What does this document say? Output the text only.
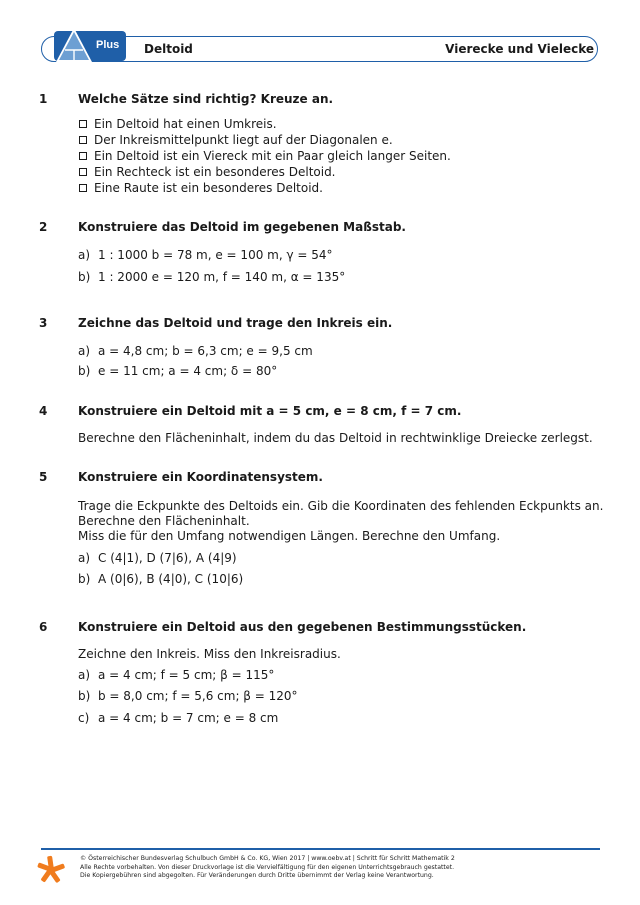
Plus Deltoid	Vierecke und Vielecke
1	Welche Sätze sind richtig? Kreuze an.
Ein Deltoid hat einen Umkreis.
Der Inkreismittelpunkt liegt auf der Diagonalen e.
Ein Deltoid ist ein Viereck mit ein Paar gleich langer Seiten.
Ein Rechteck ist ein besonderes Deltoid.
Eine Raute ist ein besonderes Deltoid.
2	Konstruiere das Deltoid im gegebenen Maßstab.
a) 1 : 1000 b = 78 m, e = 100 m, γ = 54°
b) 1 : 2000 e = 120 m, f = 140 m, α = 135°
3	Zeichne das Deltoid und trage den Inkreis ein.
a) a = 4,8 cm; b = 6,3 cm; e = 9,5 cm
b) e = 11 cm; a = 4 cm; δ = 80°
4	Konstruiere ein Deltoid mit a = 5 cm, e = 8 cm, f = 7 cm.
Berechne den Flächeninhalt, indem du das Deltoid in rechtwinklige Dreiecke zerlegst.
5	Konstruiere ein Koordinatensystem.
Trage die Eckpunkte des Deltoids ein. Gib die Koordinaten des fehlenden Eckpunkts an.
Berechne den Flächeninhalt.
Miss die für den Umfang notwendigen Längen. Berechne den Umfang.
a) C (4|1), D (7|6), A (4|9)
b) A (0|6), B (4|0), C (10|6)
6	Konstruiere ein Deltoid aus den gegebenen Bestimmungsstücken.
Zeichne den Inkreis. Miss den Inkreisradius.
a) a = 4 cm; f = 5 cm; β = 115°
b) b = 8,0 cm; f = 5,6 cm; β = 120°
c) a = 4 cm; b = 7 cm; e = 8 cm
© Österreichischer Bundesverlag Schulbuch GmbH & Co. KG, Wien 2017 | www.oebv.at | Schritt für Schritt Mathematik 2
Alle Rechte vorbehalten. Von dieser Druckvorlage ist die Vervielfältigung für den eigenen Unterrichtsgebrauch gestattet.
Die Kopiergebühren sind abgegolten. Für Veränderungen durch Dritte übernimmt der Verlag keine Verantwortung.
